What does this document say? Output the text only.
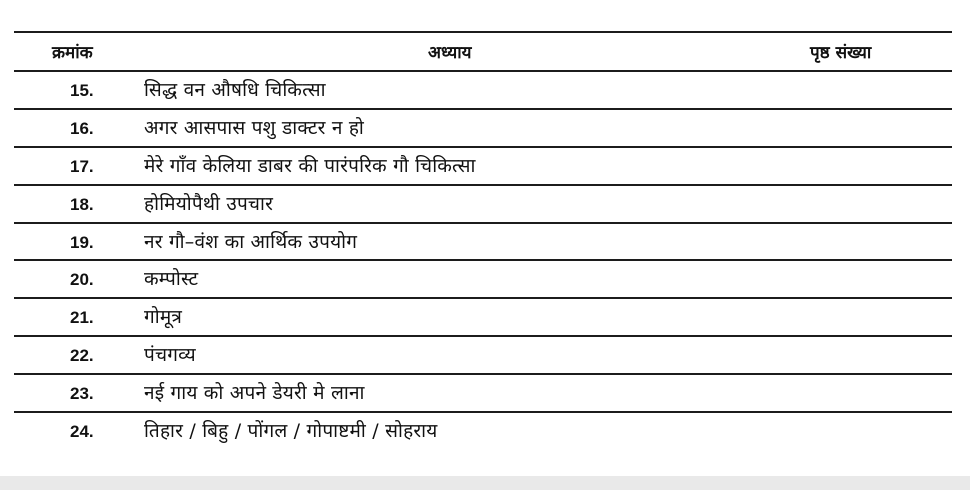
क्रमांक	अध्याय	पृष्ठ संख्या
15.	सिद्ध वन औषधि चिकित्सा
16.	अगर आसपास पशु डाक्टर न हो
17.	मेरे गाँव केलिया डाबर की पारंपरिक गौ चिकित्सा
18.	होमियोपैथी उपचार
19.	नर गौ–वंश का आर्थिक उपयोग
20.	कम्पोस्ट
21.	गोमूत्र
22.	पंचगव्य
23.	नई गाय को अपने डेयरी मे लाना
24.	तिहार / बिहु / पोंगल / गोपाष्टमी / सोहराय
